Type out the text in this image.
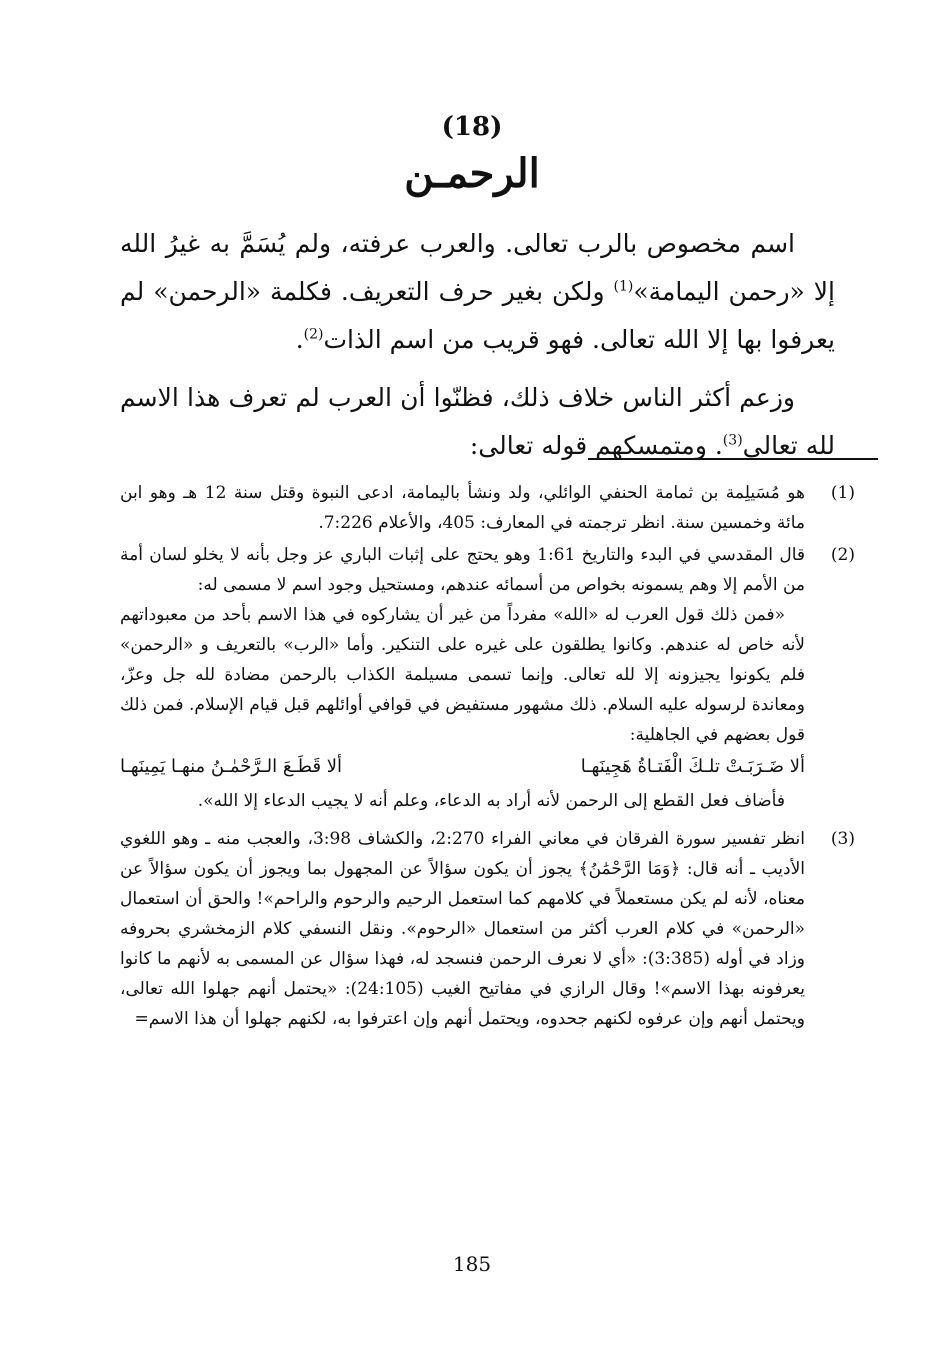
(18)
الرحمـن

اسم مخصوص بالرب تعالى. والعرب عرفته، ولم يُسَمَّ به غيرُ الله إلا «رحمن اليمامة»$^{(1)}$ ولكن بغير حرف التعريف. فكلمة «الرحمن» لم يعرفوا بها إلا الله تعالى. فهو قريب من اسم الذات$^{(2)}$.

وزعم أكثر الناس خلاف ذلك، فظنّوا أن العرب لم تعرف هذا الاسم لله تعالى$^{(3)}$. ومتمسكهم قوله تعالى:

(1)

هو مُسَيلِمة بن ثمامة الحنفي الوائلي، ولد ونشأ باليمامة، ادعى النبوة وقتل سنة 12 هـ وهو ابن مائة وخمسين سنة. انظر ترجمته في المعارف: 405، والأعلام 7:226.

(2)

قال المقدسي في البدء والتاريخ 1:61 وهو يحتج على إثبات الباري عز وجل بأنه لا يخلو لسان أمة من الأمم إلا وهم يسمونه بخواص من أسمائه عندهم، ومستحيل وجود اسم لا مسمى له:

«فمن ذلك قول العرب له «الله» مفرداً من غير أن يشاركوه في هذا الاسم بأحد من معبوداتهم لأنه خاص له عندهم. وكانوا يطلقون على غيره على التنكير. وأما «الرب» بالتعريف و «الرحمن» فلم يكونوا يجيزونه إلا لله تعالى. وإنما تسمى مسيلمة الكذاب بالرحمن مضادة لله جل وعزّ، ومعاندة لرسوله عليه السلام. ذلك مشهور مستفيض في قوافي أوائلهم قبل قيام الإسلام. فمن ذلك قول بعضهم في الجاهلية:

ألا ضَـرَبَـتْ تلـكَ الْفَتـاةُ هَجِينَهـا
ألا قَطَـعَ الـرَّحْمٰـنُ منهـا يَمِينَهـا

فأضاف فعل القطع إلى الرحمن لأنه أراد به الدعاء، وعلم أنه لا يجيب الدعاء إلا الله».

(3)

انظر تفسير سورة الفرقان في معاني الفراء 2:270، والكشاف 3:98، والعجب منه ـ وهو اللغوي الأديب ـ أنه قال: ﴿وَمَا الرَّحْمَٰنُ﴾ يجوز أن يكون سؤالاً عن المجهول بما ويجوز أن يكون سؤالاً عن معناه، لأنه لم يكن مستعملاً في كلامهم كما استعمل الرحيم والرحوم والراحم»! والحق أن استعمال «الرحمن» في كلام العرب أكثر من استعمال «الرحوم». ونقل النسفي كلام الزمخشري بحروفه وزاد في أوله (3:385): «أي لا نعرف الرحمن فنسجد له، فهذا سؤال عن المسمى به لأنهم ما كانوا يعرفونه بهذا الاسم»! وقال الرازي في مفاتيح الغيب (24:105): «يحتمل أنهم جهلوا الله تعالى، ويحتمل أنهم وإن عرفوه لكنهم جحدوه، ويحتمل أنهم وإن اعترفوا به، لكنهم جهلوا أن هذا الاسم=

185
